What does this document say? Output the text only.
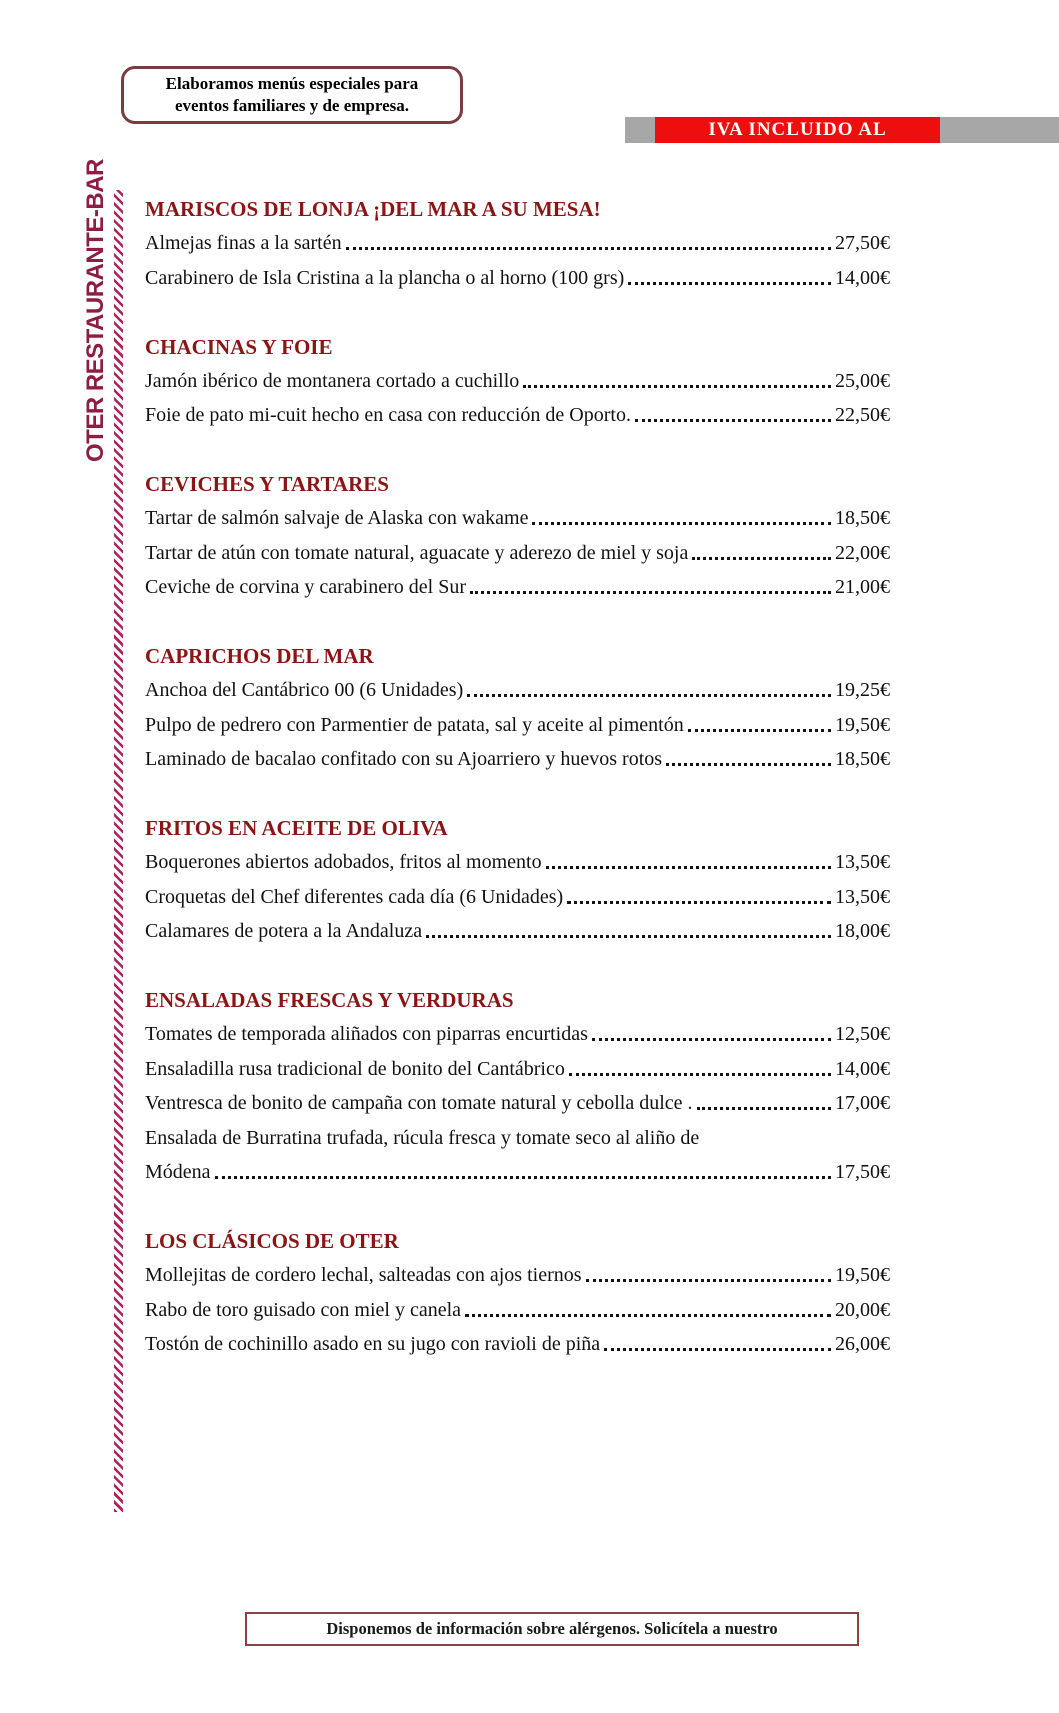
Elaboramos menús especiales para
eventos familiares y de empresa.
IVA INCLUIDO AL
OTER RESTAURANTE-BAR MARISCOS DE LONJA ¡DEL MAR A SU MESA!
Almejas finas a la sartén	27,50€
Carabinero de Isla Cristina a la plancha o al horno (100 grs)	14,00€
CHACINAS Y FOIE
Jamón ibérico de montanera cortado a cuchillo	25,00€
Foie de pato mi-cuit hecho en casa con reducción de Oporto.	22,50€
CEVICHES Y TARTARES
Tartar de salmón salvaje de Alaska con wakame	18,50€
Tartar de atún con tomate natural, aguacate y aderezo de miel y soja	22,00€
Ceviche de corvina y carabinero del Sur	21,00€
CAPRICHOS DEL MAR
Anchoa del Cantábrico 00 (6 Unidades)	19,25€
Pulpo de pedrero con Parmentier de patata, sal y aceite al pimentón	19,50€
Laminado de bacalao confitado con su Ajoarriero y huevos rotos	18,50€
FRITOS EN ACEITE DE OLIVA
Boquerones abiertos adobados, fritos al momento	13,50€
Croquetas del Chef diferentes cada día (6 Unidades)	13,50€
Calamares de potera a la Andaluza	18,00€
ENSALADAS FRESCAS Y VERDURAS
Tomates de temporada aliñados con piparras encurtidas	12,50€
Ensaladilla rusa tradicional de bonito del Cantábrico	14,00€
Ventresca de bonito de campaña con tomate natural y cebolla dulce .	17,00€
Ensalada de Burratina trufada, rúcula fresca y tomate seco al aliño de
Módena	17,50€
LOS CLÁSICOS DE OTER
Mollejitas de cordero lechal, salteadas con ajos tiernos	19,50€
Rabo de toro guisado con miel y canela	20,00€
Tostón de cochinillo asado en su jugo con ravioli de piña	26,00€
Disponemos de información sobre alérgenos. Solicítela a nuestro
